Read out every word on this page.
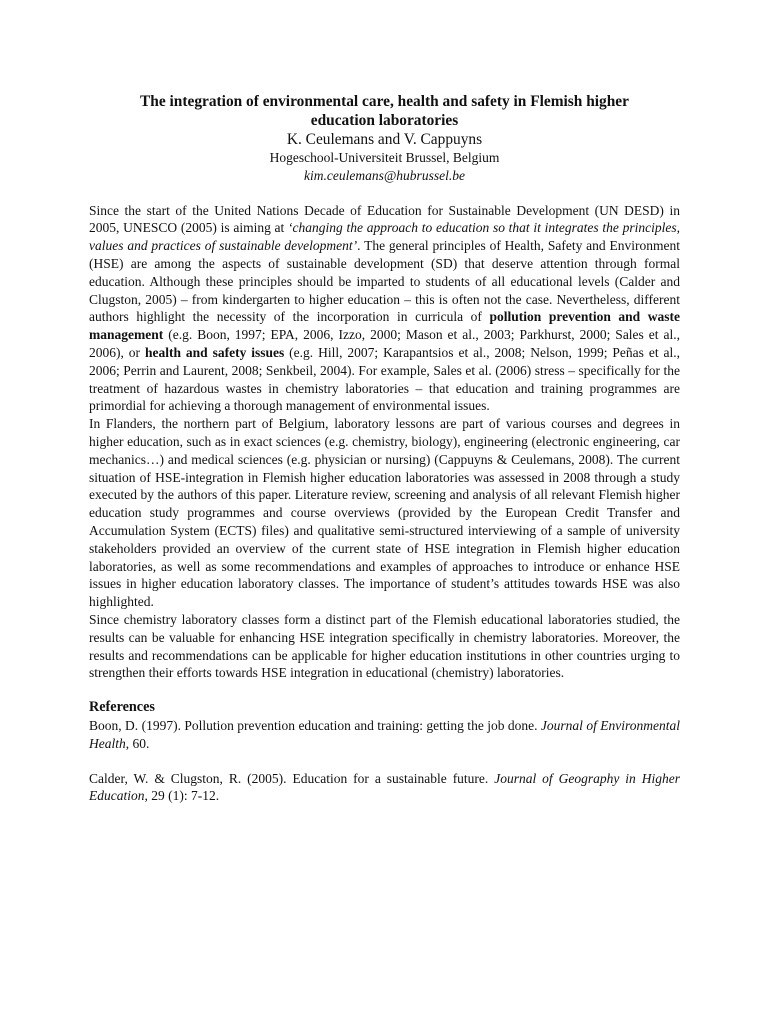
The integration of environmental care, health and safety in Flemish higher
education laboratories

K. Ceulemans and V. Cappuyns

Hogeschool-Universiteit Brussel, Belgium

kim.ceulemans@hubrussel.be

Since the start of the United Nations Decade of Education for Sustainable Development (UN DESD) in 2005, UNESCO (2005) is aiming at ‘changing the approach to education so that it integrates the principles, values and practices of sustainable development’. The general principles of Health, Safety and Environment (HSE) are among the aspects of sustainable development (SD) that deserve attention through formal education. Although these principles should be imparted to students of all educational levels (Calder and Clugston, 2005) – from kindergarten to higher education – this is often not the case. Nevertheless, different authors highlight the necessity of the incorporation in curricula of pollution prevention and waste management (e.g. Boon, 1997; EPA, 2006, Izzo, 2000; Mason et al., 2003; Parkhurst, 2000; Sales et al., 2006), or health and safety issues (e.g. Hill, 2007; Karapantsios et al., 2008; Nelson, 1999; Peñas et al., 2006; Perrin and Laurent, 2008; Senkbeil, 2004). For example, Sales et al. (2006) stress – specifically for the treatment of hazardous wastes in chemistry laboratories – that education and training programmes are primordial for achieving a thorough management of environmental issues.

In Flanders, the northern part of Belgium, laboratory lessons are part of various courses and degrees in higher education, such as in exact sciences (e.g. chemistry, biology), engineering (electronic engineering, car mechanics…) and medical sciences (e.g. physician or nursing) (Cappuyns & Ceulemans, 2008). The current situation of HSE-integration in Flemish higher education laboratories was assessed in 2008 through a study executed by the authors of this paper. Literature review, screening and analysis of all relevant Flemish higher education study programmes and course overviews (provided by the European Credit Transfer and Accumulation System (ECTS) files) and qualitative semi-structured interviewing of a sample of university stakeholders provided an overview of the current state of HSE integration in Flemish higher education laboratories, as well as some recommendations and examples of approaches to introduce or enhance HSE issues in higher education laboratory classes. The importance of student’s attitudes towards HSE was also highlighted.

Since chemistry laboratory classes form a distinct part of the Flemish educational laboratories studied, the results can be valuable for enhancing HSE integration specifically in chemistry laboratories. Moreover, the results and recommendations can be applicable for higher education institutions in other countries urging to strengthen their efforts towards HSE integration in educational (chemistry) laboratories.

References

Boon, D. (1997). Pollution prevention education and training: getting the job done. Journal of Environmental Health, 60.

Calder, W. & Clugston, R. (2005). Education for a sustainable future. Journal of Geography in Higher Education, 29 (1): 7-12.
